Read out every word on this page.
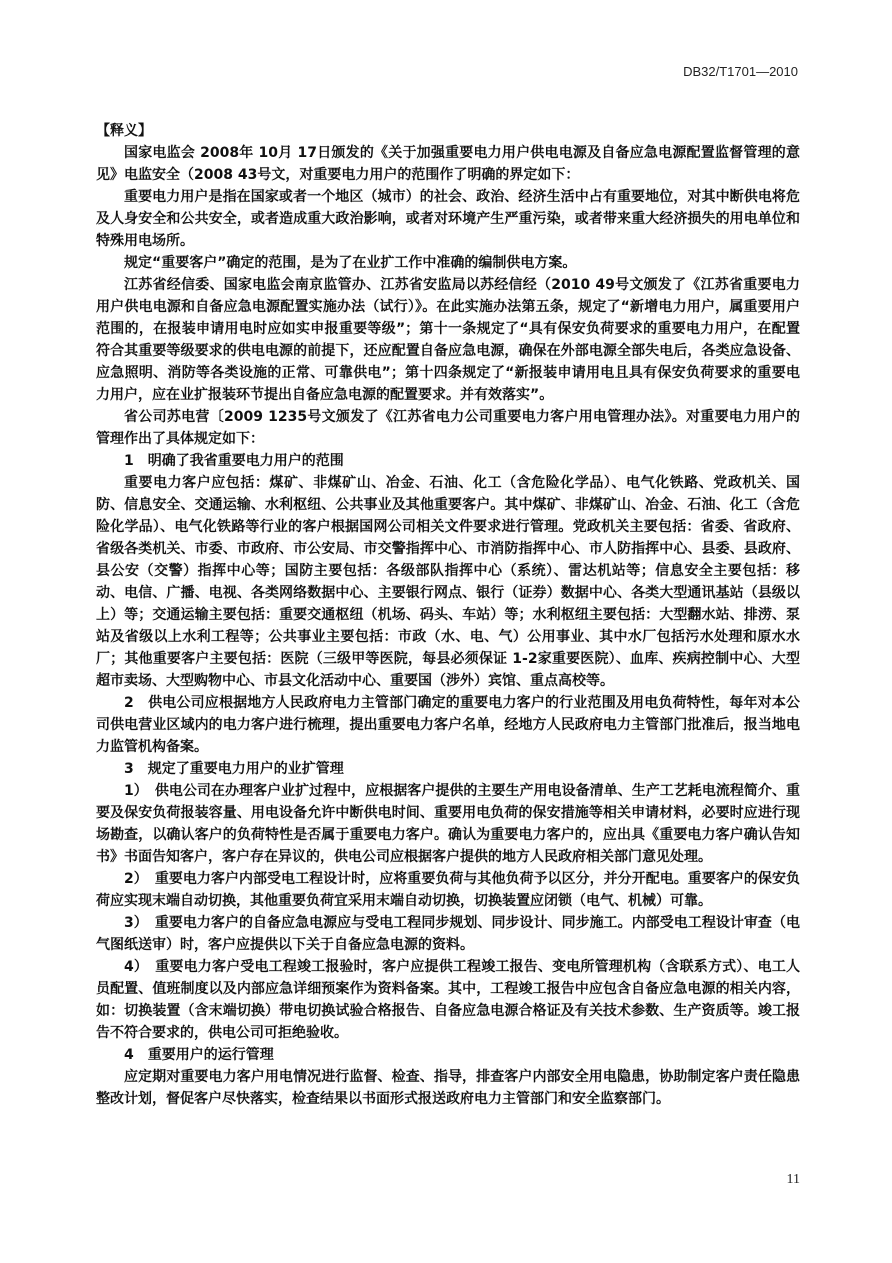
DB32/T1701—2010

【释义】

国家电监会 2008年 10月 17日颁发的《关于加强重要电力用户供电电源及自备应急电源配置监督管理的意见》电监安全（2008 43号文，对重要电力用户的范围作了明确的界定如下：

重要电力用户是指在国家或者一个地区（城市）的社会、政治、经济生活中占有重要地位，对其中断供电将危及人身安全和公共安全，或者造成重大政治影响，或者对环境产生严重污染，或者带来重大经济损失的用电单位和特殊用电场所。

规定“重要客户”确定的范围，是为了在业扩工作中准确的编制供电方案。

江苏省经信委、国家电监会南京监管办、江苏省安监局以苏经信经（2010 49号文颁发了《江苏省重要电力用户供电电源和自备应急电源配置实施办法（试行）》。在此实施办法第五条，规定了“新增电力用户，属重要用户范围的，在报装申请用电时应如实申报重要等级”；第十一条规定了“具有保安负荷要求的重要电力用户，在配置符合其重要等级要求的供电电源的前提下，还应配置自备应急电源，确保在外部电源全部失电后，各类应急设备、应急照明、消防等各类设施的正常、可靠供电”；第十四条规定了“新报装申请用电且具有保安负荷要求的重要电力用户，应在业扩报装环节提出自备应急电源的配置要求。并有效落实”。

省公司苏电营〔2009 1235号文颁发了《江苏省电力公司重要电力客户用电管理办法》。对重要电力用户的管理作出了具体规定如下：

1　明确了我省重要电力用户的范围

重要电力客户应包括：煤矿、非煤矿山、冶金、石油、化工（含危险化学品）、电气化铁路、党政机关、国防、信息安全、交通运输、水利枢纽、公共事业及其他重要客户。其中煤矿、非煤矿山、冶金、石油、化工（含危险化学品）、电气化铁路等行业的客户根据国网公司相关文件要求进行管理。党政机关主要包括：省委、省政府、省级各类机关、市委、市政府、市公安局、市交警指挥中心、市消防指挥中心、市人防指挥中心、县委、县政府、县公安（交警）指挥中心等；国防主要包括：各级部队指挥中心（系统）、雷达机站等；信息安全主要包括：移动、电信、广播、电视、各类网络数据中心、主要银行网点、银行（证券）数据中心、各类大型通讯基站（县级以上）等；交通运输主要包括：重要交通枢纽（机场、码头、车站）等；水利枢纽主要包括：大型翻水站、排涝、泵站及省级以上水利工程等；公共事业主要包括：市政（水、电、气）公用事业、其中水厂包括污水处理和原水水厂；其他重要客户主要包括：医院（三级甲等医院，每县必须保证 1-2家重要医院）、血库、疾病控制中心、大型超市卖场、大型购物中心、市县文化活动中心、重要国（涉外）宾馆、重点高校等。

2　供电公司应根据地方人民政府电力主管部门确定的重要电力客户的行业范围及用电负荷特性，每年对本公司供电营业区域内的电力客户进行梳理，提出重要电力客户名单，经地方人民政府电力主管部门批准后，报当地电力监管机构备案。

3　规定了重要电力用户的业扩管理

1）　供电公司在办理客户业扩过程中，应根据客户提供的主要生产用电设备清单、生产工艺耗电流程简介、重要及保安负荷报装容量、用电设备允许中断供电时间、重要用电负荷的保安措施等相关申请材料，必要时应进行现场勘查，以确认客户的负荷特性是否属于重要电力客户。确认为重要电力客户的，应出具《重要电力客户确认告知书》书面告知客户，客户存在异议的，供电公司应根据客户提供的地方人民政府相关部门意见处理。

2）　重要电力客户内部受电工程设计时，应将重要负荷与其他负荷予以区分，并分开配电。重要客户的保安负荷应实现末端自动切换，其他重要负荷宜采用末端自动切换，切换装置应闭锁（电气、机械）可靠。

3）　重要电力客户的自备应急电源应与受电工程同步规划、同步设计、同步施工。内部受电工程设计审查（电气图纸送审）时，客户应提供以下关于自备应急电源的资料。

4）　重要电力客户受电工程竣工报验时，客户应提供工程竣工报告、变电所管理机构（含联系方式）、电工人员配置、值班制度以及内部应急详细预案作为资料备案。其中，工程竣工报告中应包含自备应急电源的相关内容，如：切换装置（含末端切换）带电切换试验合格报告、自备应急电源合格证及有关技术参数、生产资质等。竣工报告不符合要求的，供电公司可拒绝验收。

4　重要用户的运行管理

应定期对重要电力客户用电情况进行监督、检查、指导，排查客户内部安全用电隐患，协助制定客户责任隐患整改计划，督促客户尽快落实，检查结果以书面形式报送政府电力主管部门和安全监察部门。

11
